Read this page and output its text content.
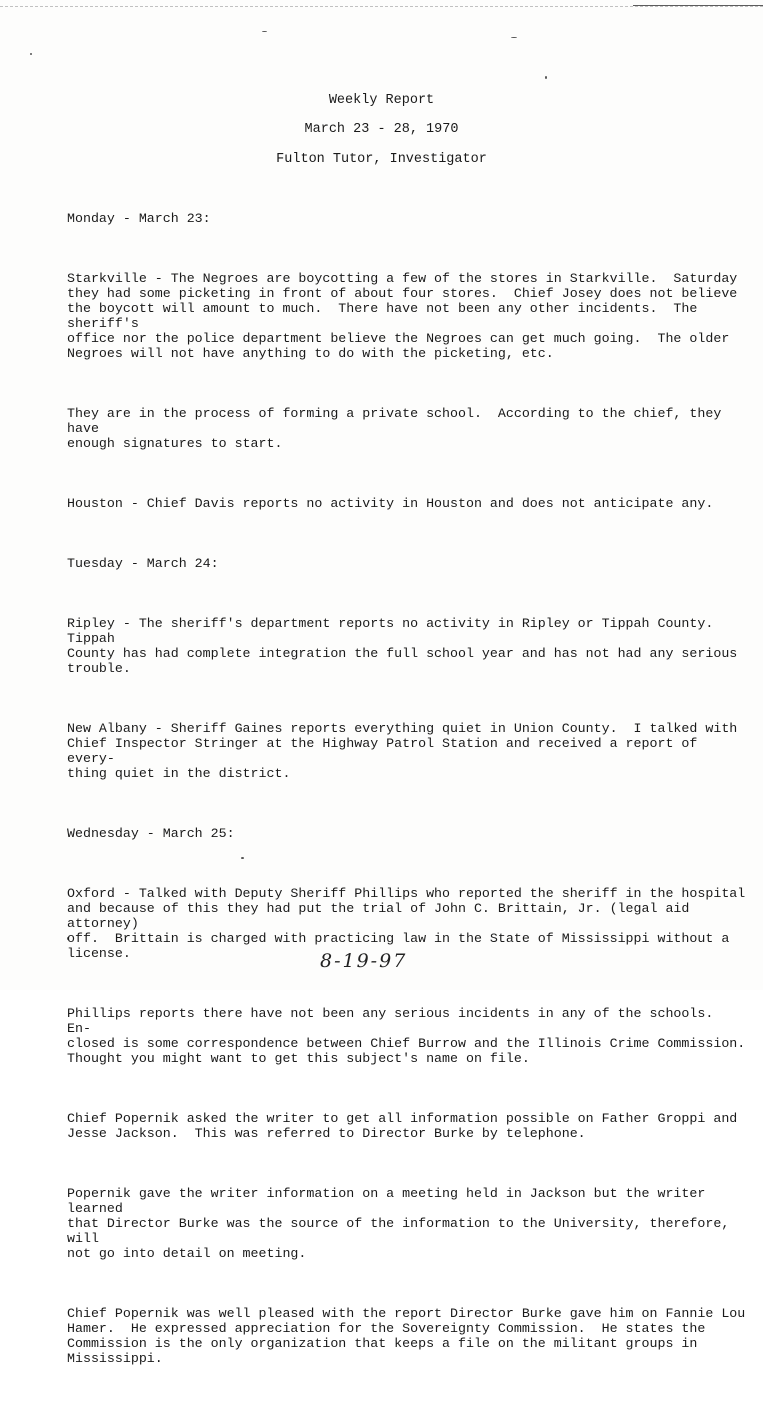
Weekly Report
March 23 - 28, 1970
Fulton Tutor, Investigator

Monday - March 23:

Starkville - The Negroes are boycotting a few of the stores in Starkville.  Saturday
they had some picketing in front of about four stores.  Chief Josey does not believe
the boycott will amount to much.  There have not been any other incidents.  The sheriff's
office nor the police department believe the Negroes can get much going.  The older
Negroes will not have anything to do with the picketing, etc.

They are in the process of forming a private school.  According to the chief, they have
enough signatures to start.

Houston - Chief Davis reports no activity in Houston and does not anticipate any.

Tuesday - March 24:

Ripley - The sheriff's department reports no activity in Ripley or Tippah County.  Tippah
County has had complete integration the full school year and has not had any serious
trouble.

New Albany - Sheriff Gaines reports everything quiet in Union County.  I talked with
Chief Inspector Stringer at the Highway Patrol Station and received a report of every-
thing quiet in the district.

Wednesday - March 25:

Oxford - Talked with Deputy Sheriff Phillips who reported the sheriff in the hospital
and because of this they had put the trial of John C. Brittain, Jr. (legal aid attorney)
off.  Brittain is charged with practicing law in the State of Mississippi without a
license.

Phillips reports there have not been any serious incidents in any of the schools.  En-
closed is some correspondence between Chief Burrow and the Illinois Crime Commission.
Thought you might want to get this subject's name on file.

Chief Popernik asked the writer to get all information possible on Father Groppi and
Jesse Jackson.  This was referred to Director Burke by telephone.

Popernik gave the writer information on a meeting held in Jackson but the writer learned
that Director Burke was the source of the information to the University, therefore, will
not go into detail on meeting.

Chief Popernik was well pleased with the report Director Burke gave him on Fannie Lou
Hamer.  He expressed appreciation for the Sovereignty Commission.  He states the
Commission is the only organization that keeps a file on the militant groups in
Mississippi.

8-19-97
